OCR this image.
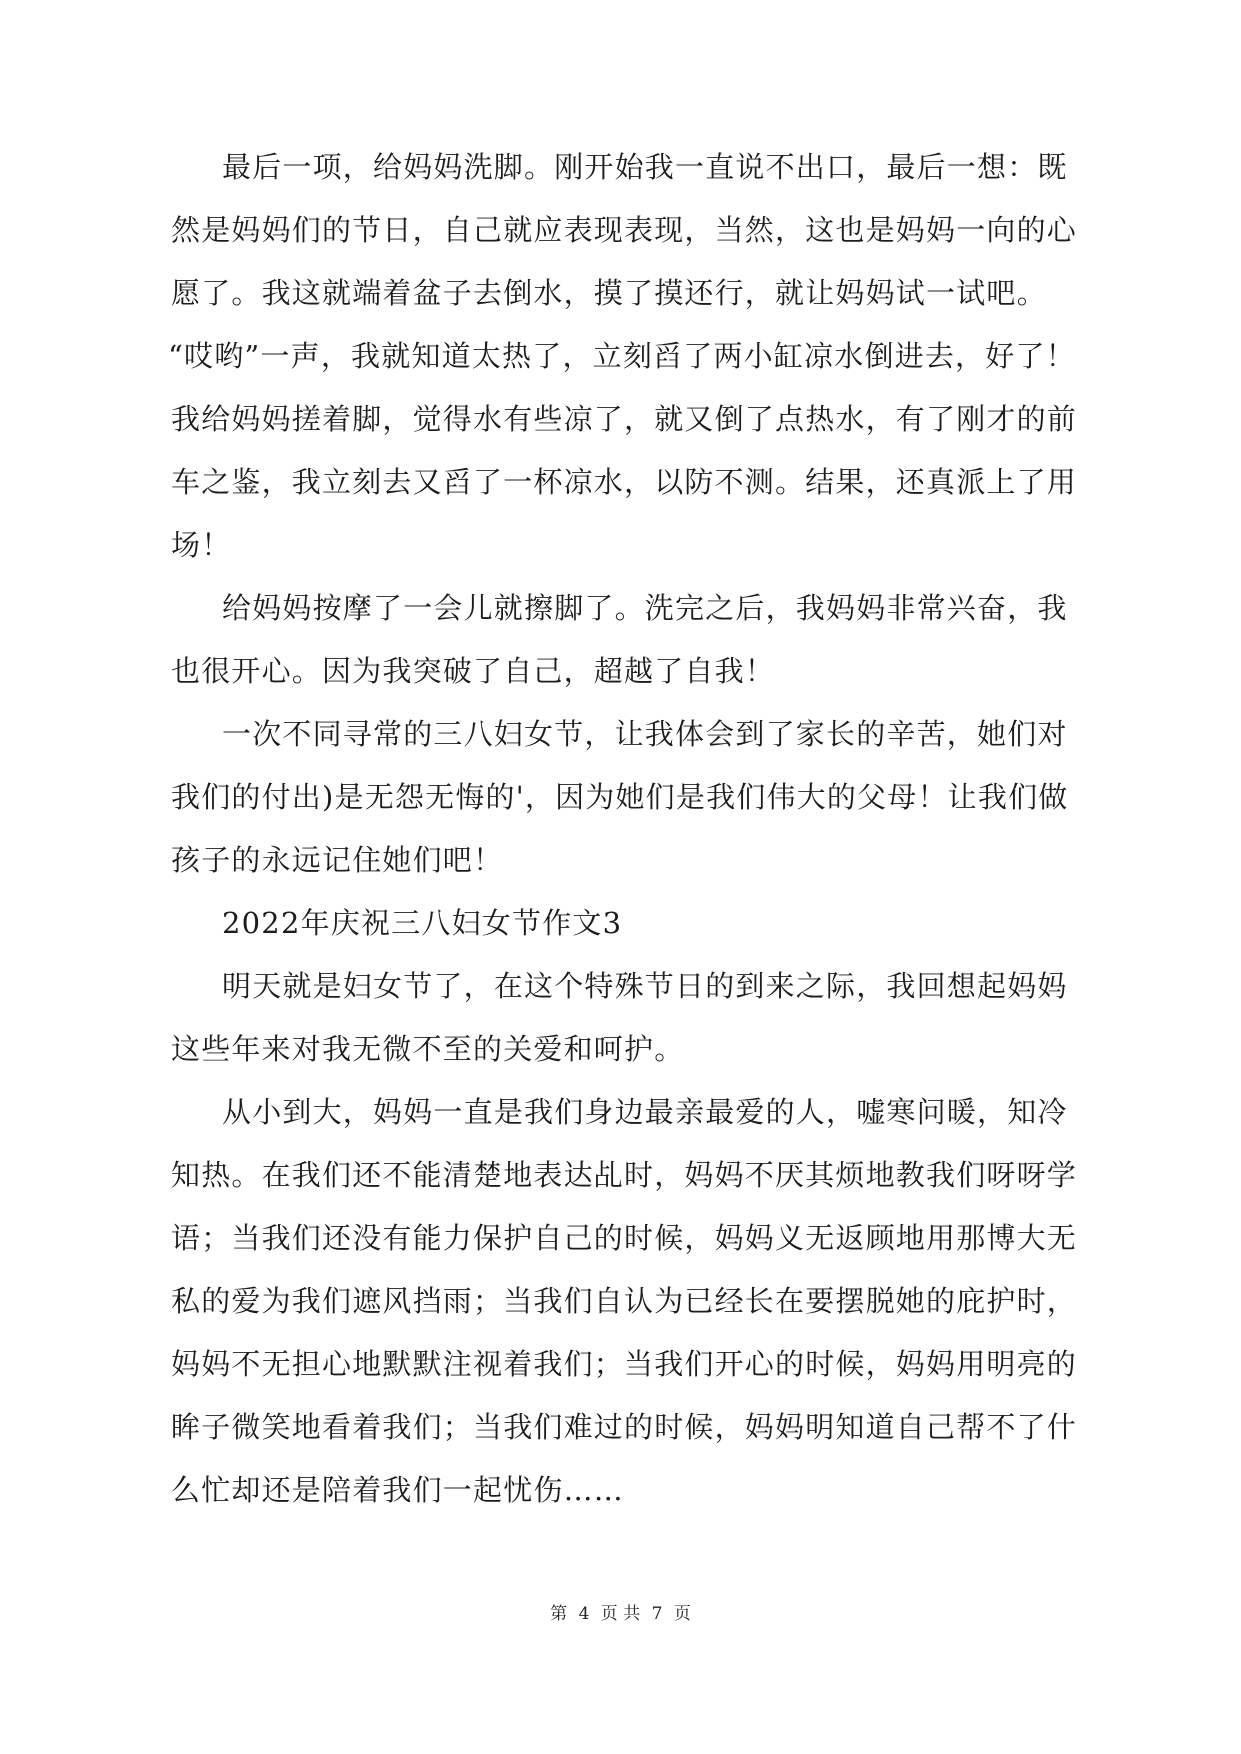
最后一项，给妈妈洗脚。刚开始我一直说不出口，最后一想：既
然是妈妈们的节日，自己就应表现表现，当然，这也是妈妈一向的心
愿了。我这就端着盆子去倒水，摸了摸还行，就让妈妈试一试吧。
“哎哟”一声，我就知道太热了，立刻舀了两小缸凉水倒进去，好了！
我给妈妈搓着脚，觉得水有些凉了，就又倒了点热水，有了刚才的前
车之鉴，我立刻去又舀了一杯凉水，以防不测。结果，还真派上了用
场！
给妈妈按摩了一会儿就擦脚了。洗完之后，我妈妈非常兴奋，我
也很开心。因为我突破了自己，超越了自我！
一次不同寻常的三八妇女节，让我体会到了家长的辛苦，她们对
我们的付出)是无怨无悔的'，因为她们是我们伟大的父母！让我们做
孩子的永远记住她们吧！
2022年庆祝三八妇女节作文3
明天就是妇女节了，在这个特殊节日的到来之际，我回想起妈妈
这些年来对我无微不至的关爱和呵护。
从小到大，妈妈一直是我们身边最亲最爱的人，嘘寒问暖，知冷
知热。在我们还不能清楚地表达乩时，妈妈不厌其烦地教我们呀呀学
语；当我们还没有能力保护自己的时候，妈妈义无返顾地用那博大无
私的爱为我们遮风挡雨；当我们自认为已经长在要摆脱她的庇护时，
妈妈不无担心地默默注视着我们；当我们开心的时候，妈妈用明亮的
眸子微笑地看着我们；当我们难过的时候，妈妈明知道自己帮不了什
么忙却还是陪着我们一起忧伤……
第 4 页 共 7 页
